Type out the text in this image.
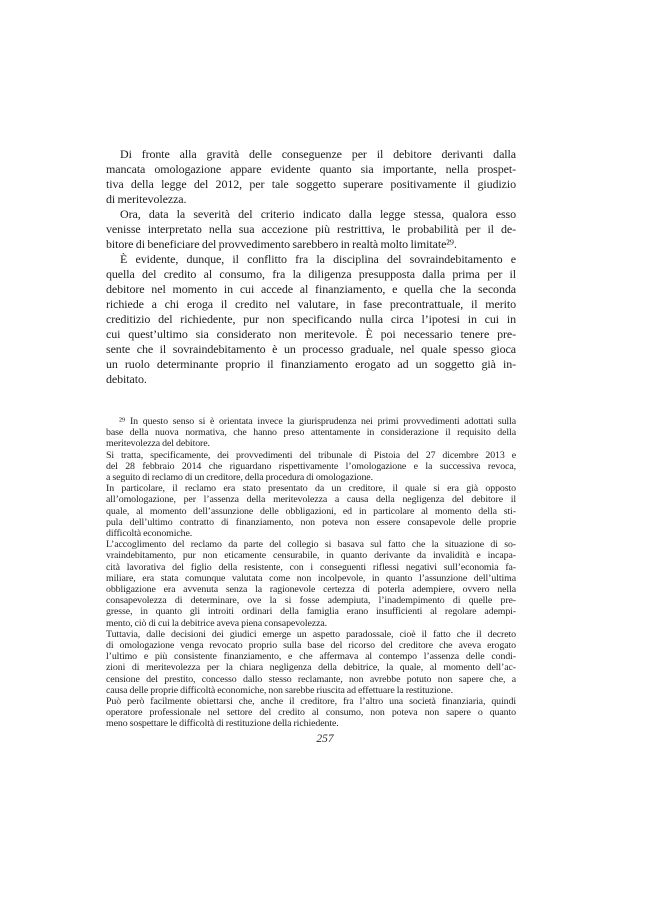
Di fronte alla gravità delle conseguenze per il debitore derivanti dalla
mancata omologazione appare evidente quanto sia importante, nella prospet-
tiva della legge del 2012, per tale soggetto superare positivamente il giudizio
di meritevolezza.
Ora, data la severità del criterio indicato dalla legge stessa, qualora esso
venisse interpretato nella sua accezione più restrittiva, le probabilità per il de-
bitore di beneficiare del provvedimento sarebbero in realtà molto limitate²⁹.
È evidente, dunque, il conflitto fra la disciplina del sovraindebitamento e
quella del credito al consumo, fra la diligenza presupposta dalla prima per il
debitore nel momento in cui accede al finanziamento, e quella che la seconda
richiede a chi eroga il credito nel valutare, in fase precontrattuale, il merito
creditizio del richiedente, pur non specificando nulla circa l’ipotesi in cui in
cui quest’ultimo sia considerato non meritevole. È poi necessario tenere pre-
sente che il sovraindebitamento è un processo graduale, nel quale spesso gioca
un ruolo determinante proprio il finanziamento erogato ad un soggetto già in-
debitato.
²⁹ In questo senso si è orientata invece la giurisprudenza nei primi provvedimenti adottati sulla
base della nuova normativa, che hanno preso attentamente in considerazione il requisito della
meritevolezza del debitore.
Si tratta, specificamente, dei provvedimenti del tribunale di Pistoia del 27 dicembre 2013 e
del 28 febbraio 2014 che riguardano rispettivamente l’omologazione e la successiva revoca,
a seguito di reclamo di un creditore, della procedura di omologazione.
In particolare, il reclamo era stato presentato da un creditore, il quale si era già opposto
all’omologazione, per l’assenza della meritevolezza a causa della negligenza del debitore il
quale, al momento dell’assunzione delle obbligazioni, ed in particolare al momento della sti-
pula dell’ultimo contratto di finanziamento, non poteva non essere consapevole delle proprie
difficoltà economiche.
L’accoglimento del reclamo da parte del collegio si basava sul fatto che la situazione di so-
vraindebitamento, pur non eticamente censurabile, in quanto derivante da invalidità e incapa-
cità lavorativa del figlio della resistente, con i conseguenti riflessi negativi sull’economia fa-
miliare, era stata comunque valutata come non incolpevole, in quanto l’assunzione dell’ultima
obbligazione era avvenuta senza la ragionevole certezza di poterla adempiere, ovvero nella
consapevolezza di determinare, ove la si fosse adempiuta, l’inadempimento di quelle pre-
gresse, in quanto gli introiti ordinari della famiglia erano insufficienti al regolare adempi-
mento, ciò di cui la debitrice aveva piena consapevolezza.
Tuttavia, dalle decisioni dei giudici emerge un aspetto paradossale, cioè il fatto che il decreto
di omologazione venga revocato proprio sulla base del ricorso del creditore che aveva erogato
l’ultimo e più consistente finanziamento, e che affermava al contempo l’assenza delle condi-
zioni di meritevolezza per la chiara negligenza della debitrice, la quale, al momento dell’ac-
censione del prestito, concesso dallo stesso reclamante, non avrebbe potuto non sapere che, a
causa delle proprie difficoltà economiche, non sarebbe riuscita ad effettuare la restituzione.
Può però facilmente obiettarsi che, anche il creditore, fra l’altro una società finanziaria, quindi
operatore professionale nel settore del credito al consumo, non poteva non sapere o quanto
meno sospettare le difficoltà di restituzione della richiedente.
257
